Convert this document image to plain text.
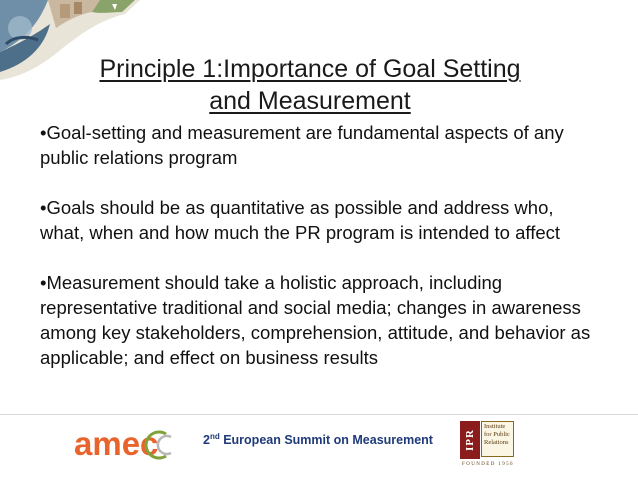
Principle 1:Importance of Goal Setting
and Measurement
•Goal-setting and measurement are fundamental aspects of any public relations program
•Goals should be as quantitative as possible and address who, what, when and how much the PR program is intended to affect
•Measurement should take a holistic approach, including representative traditional and social media; changes in awareness among key stakeholders, comprehension, attitude, and behavior as applicable; and effect on business results
amec	2nd European Summit on Measurement	IPR
Institute
for Public
Relations
FOUNDED 1956
